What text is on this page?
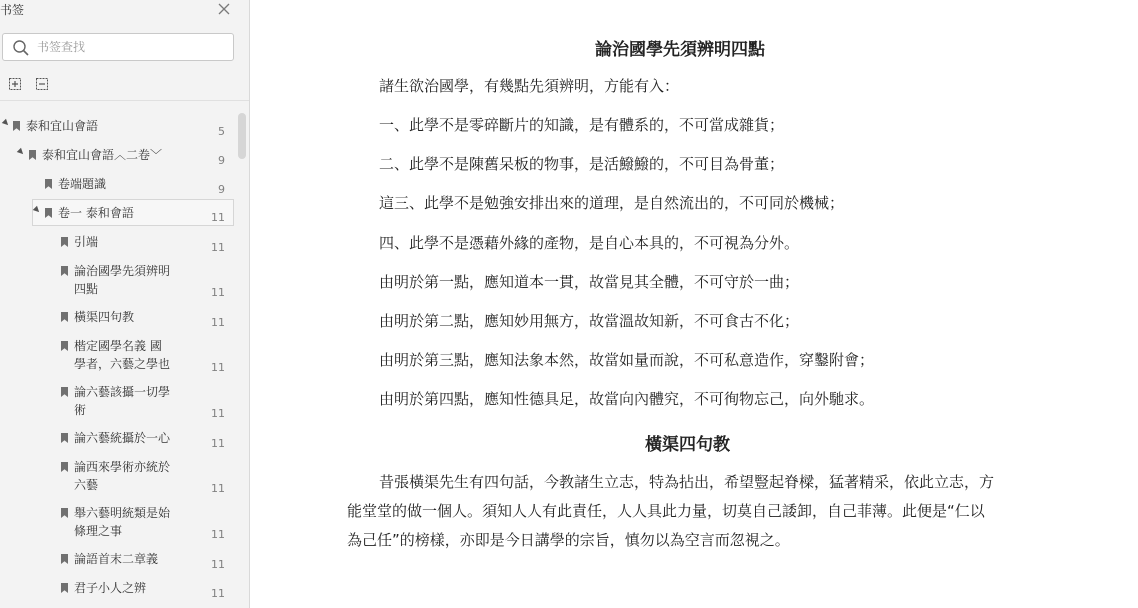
书签
书签查找
泰和宜山會語	5
泰和宜山會語︿二卷﹀	9
卷端題識	9
卷一 泰和會語	11
引端	11
論治國學先須辨明
四點	11
橫渠四句教	11
楷定國學名義 國
學者，六藝之學也	11
論六藝該攝一切學
術	11
論六藝統攝於一心	11
論西來學術亦統於
六藝	11
舉六藝明統類是始
條理之事	11
論語首末二章義	11
君子小人之辨	11
論治國學先須辨明四點
諸生欲治國學，有幾點先須辨明，方能有入：
一、此學不是零碎斷片的知識，是有體系的，不可當成雜貨；
二、此學不是陳舊呆板的物事，是活鱍鱍的，不可目為骨董；
這三、此學不是勉強安排出來的道理，是自然流出的，不可同於機械；
四、此學不是憑藉外緣的產物，是自心本具的，不可視為分外。
由明於第一點，應知道本一貫，故當見其全體，不可守於一曲；
由明於第二點，應知妙用無方，故當溫故知新，不可食古不化；
由明於第三點，應知法象本然，故當如量而說，不可私意造作，穿鑿附會；
由明於第四點，應知性德具足，故當向內體究，不可徇物忘己，向外馳求。
橫渠四句教
昔張橫渠先生有四句話，今教諸生立志，特為拈出，希望豎起脊樑，猛著精采，依此立志，方
能堂堂的做一個人。須知人人有此責任，人人具此力量，切莫自己諉卸，自己菲薄。此便是“仁以
為己任”的榜樣，亦即是今日講學的宗旨，慎勿以為空言而忽視之。
